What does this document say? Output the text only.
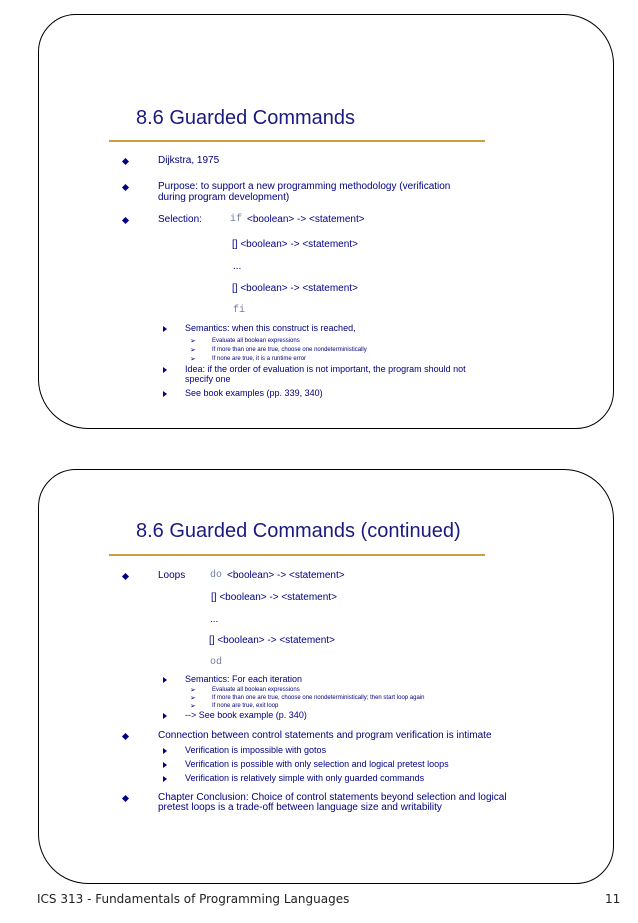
8.6 Guarded Commands
Dijkstra, 1975
Purpose: to support a new programming methodology (verification
during program development)
Selection:	if <boolean> -> <statement>
[] <boolean> -> <statement>
...
[] <boolean> -> <statement>
fi
Semantics: when this construct is reached,
➢	Evaluate all boolean expressions
➢	If more than one are true, choose one nondeterministically
➢	If none are true, it is a runtime error
Idea: if the order of evaluation is not important, the program should not
specify one
See book examples (pp. 339, 340)
8.6 Guarded Commands (continued)
Loops do <boolean> -> <statement>
[] <boolean> -> <statement>
...
[] <boolean> -> <statement>
od
Semantics: For each iteration
➢	Evaluate all boolean expressions
➢	If more than one are true, choose one nondeterministically; then start loop again
➢	If none are true, exit loop
--> See book example (p. 340)
Connection between control statements and program verification is intimate
Verification is impossible with gotos
Verification is possible with only selection and logical pretest loops
Verification is relatively simple with only guarded commands
Chapter Conclusion: Choice of control statements beyond selection and logical
pretest loops is a trade-off between language size and writability
ICS 313 - Fundamentals of Programming Languages	11
